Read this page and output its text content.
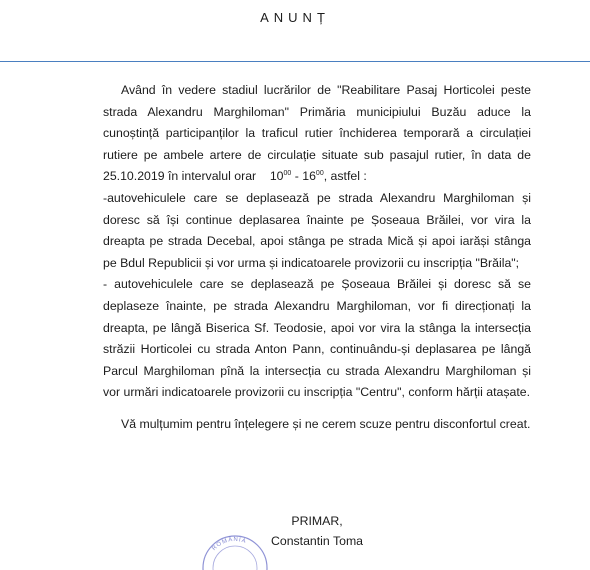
ANUNȚ

Având în vedere stadiul lucrărilor de "Reabilitare Pasaj Horticolei peste strada Alexandru Marghiloman" Primăria municipiului Buzău aduce la cunoștință participanților la traficul rutier închiderea temporară a circulației rutiere pe ambele artere de circulație situate sub pasajul rutier, în data de 25.10.2019 în intervalul orar $10^{00} - 16^{00}$, astfel :

-autovehiculele care se deplasează pe strada Alexandru Marghiloman și doresc să își continue deplasarea înainte pe Șoseaua Brăilei, vor vira la dreapta pe strada Decebal, apoi stânga pe strada Mică și apoi iarăși stânga pe Bdul Republicii și vor urma și indicatoarele provizorii cu inscripția "Brăila";

- autovehiculele care se deplasează pe Șoseaua Brăilei și doresc să se deplaseze înainte, pe strada Alexandru Marghiloman, vor fi direcționați la dreapta, pe lângă Biserica Sf. Teodosie, apoi vor vira la stânga la intersecția străzii Horticolei cu strada Anton Pann, continuându-și deplasarea pe lângă Parcul Marghiloman pînă la intersecția cu strada Alexandru Marghiloman și vor urmări indicatoarele provizorii cu inscripția "Centru", conform hărții atașate.

Vă mulțumim pentru înțelegere și ne cerem scuze pentru disconfortul creat.

PRIMAR,
Constantin Toma
ROMÂNIA
